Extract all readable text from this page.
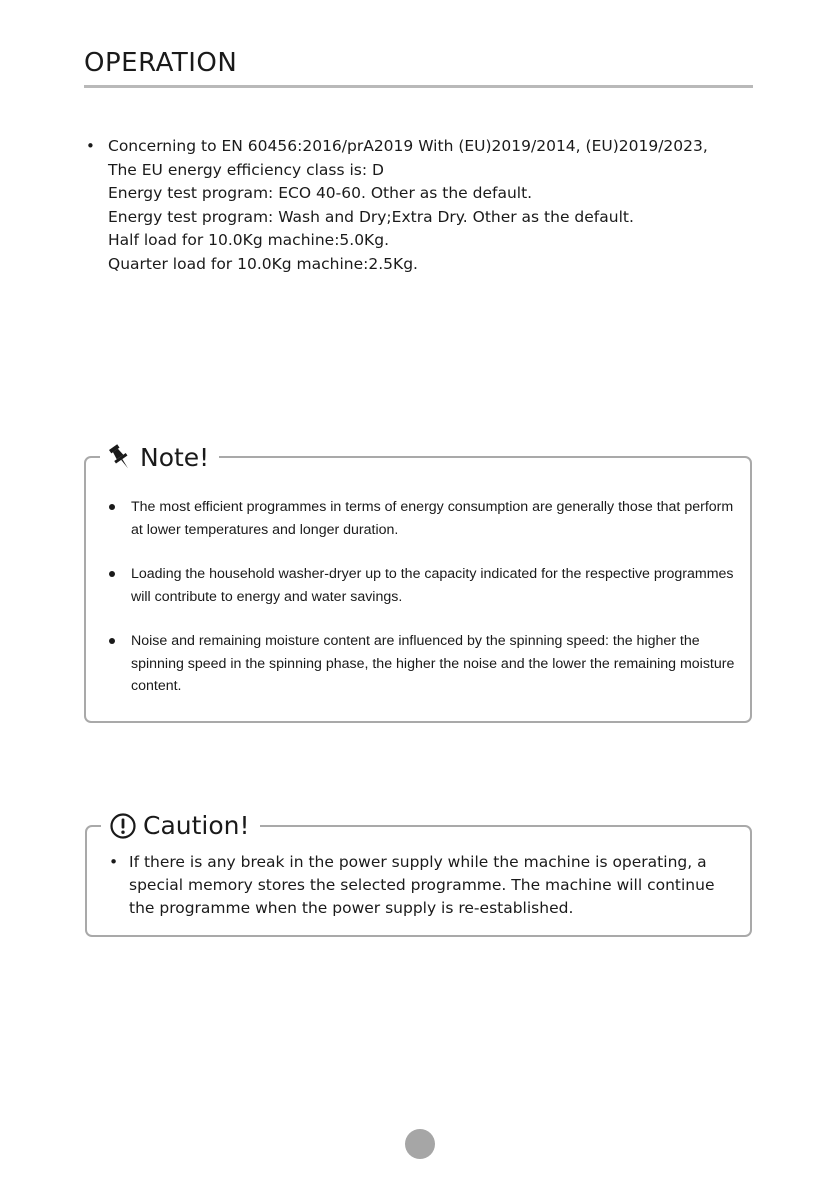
OPERATION
• Concerning to EN 60456:2016/prA2019 With (EU)2019/2014, (EU)2019/2023,
The EU energy efficiency class is: D
Energy test program: ECO 40-60. Other as the default.
Energy test program: Wash and Dry;Extra Dry. Other as the default.
Half load for 10.0Kg machine:5.0Kg.
Quarter load for 10.0Kg machine:2.5Kg.
Note!
The most efficient programmes in terms of energy consumption are generally those that perform at lower temperatures and longer duration.
Loading the household washer-dryer up to the capacity indicated for the respective programmes will contribute to energy and water savings.
Noise and remaining moisture content are influenced by the spinning speed: the higher the spinning speed in the spinning phase, the higher the noise and the lower the remaining moisture content.
Caution!
• If there is any break in the power supply while the machine is operating, a special memory stores the selected programme. The machine will continue the programme when the power supply is re-established.
